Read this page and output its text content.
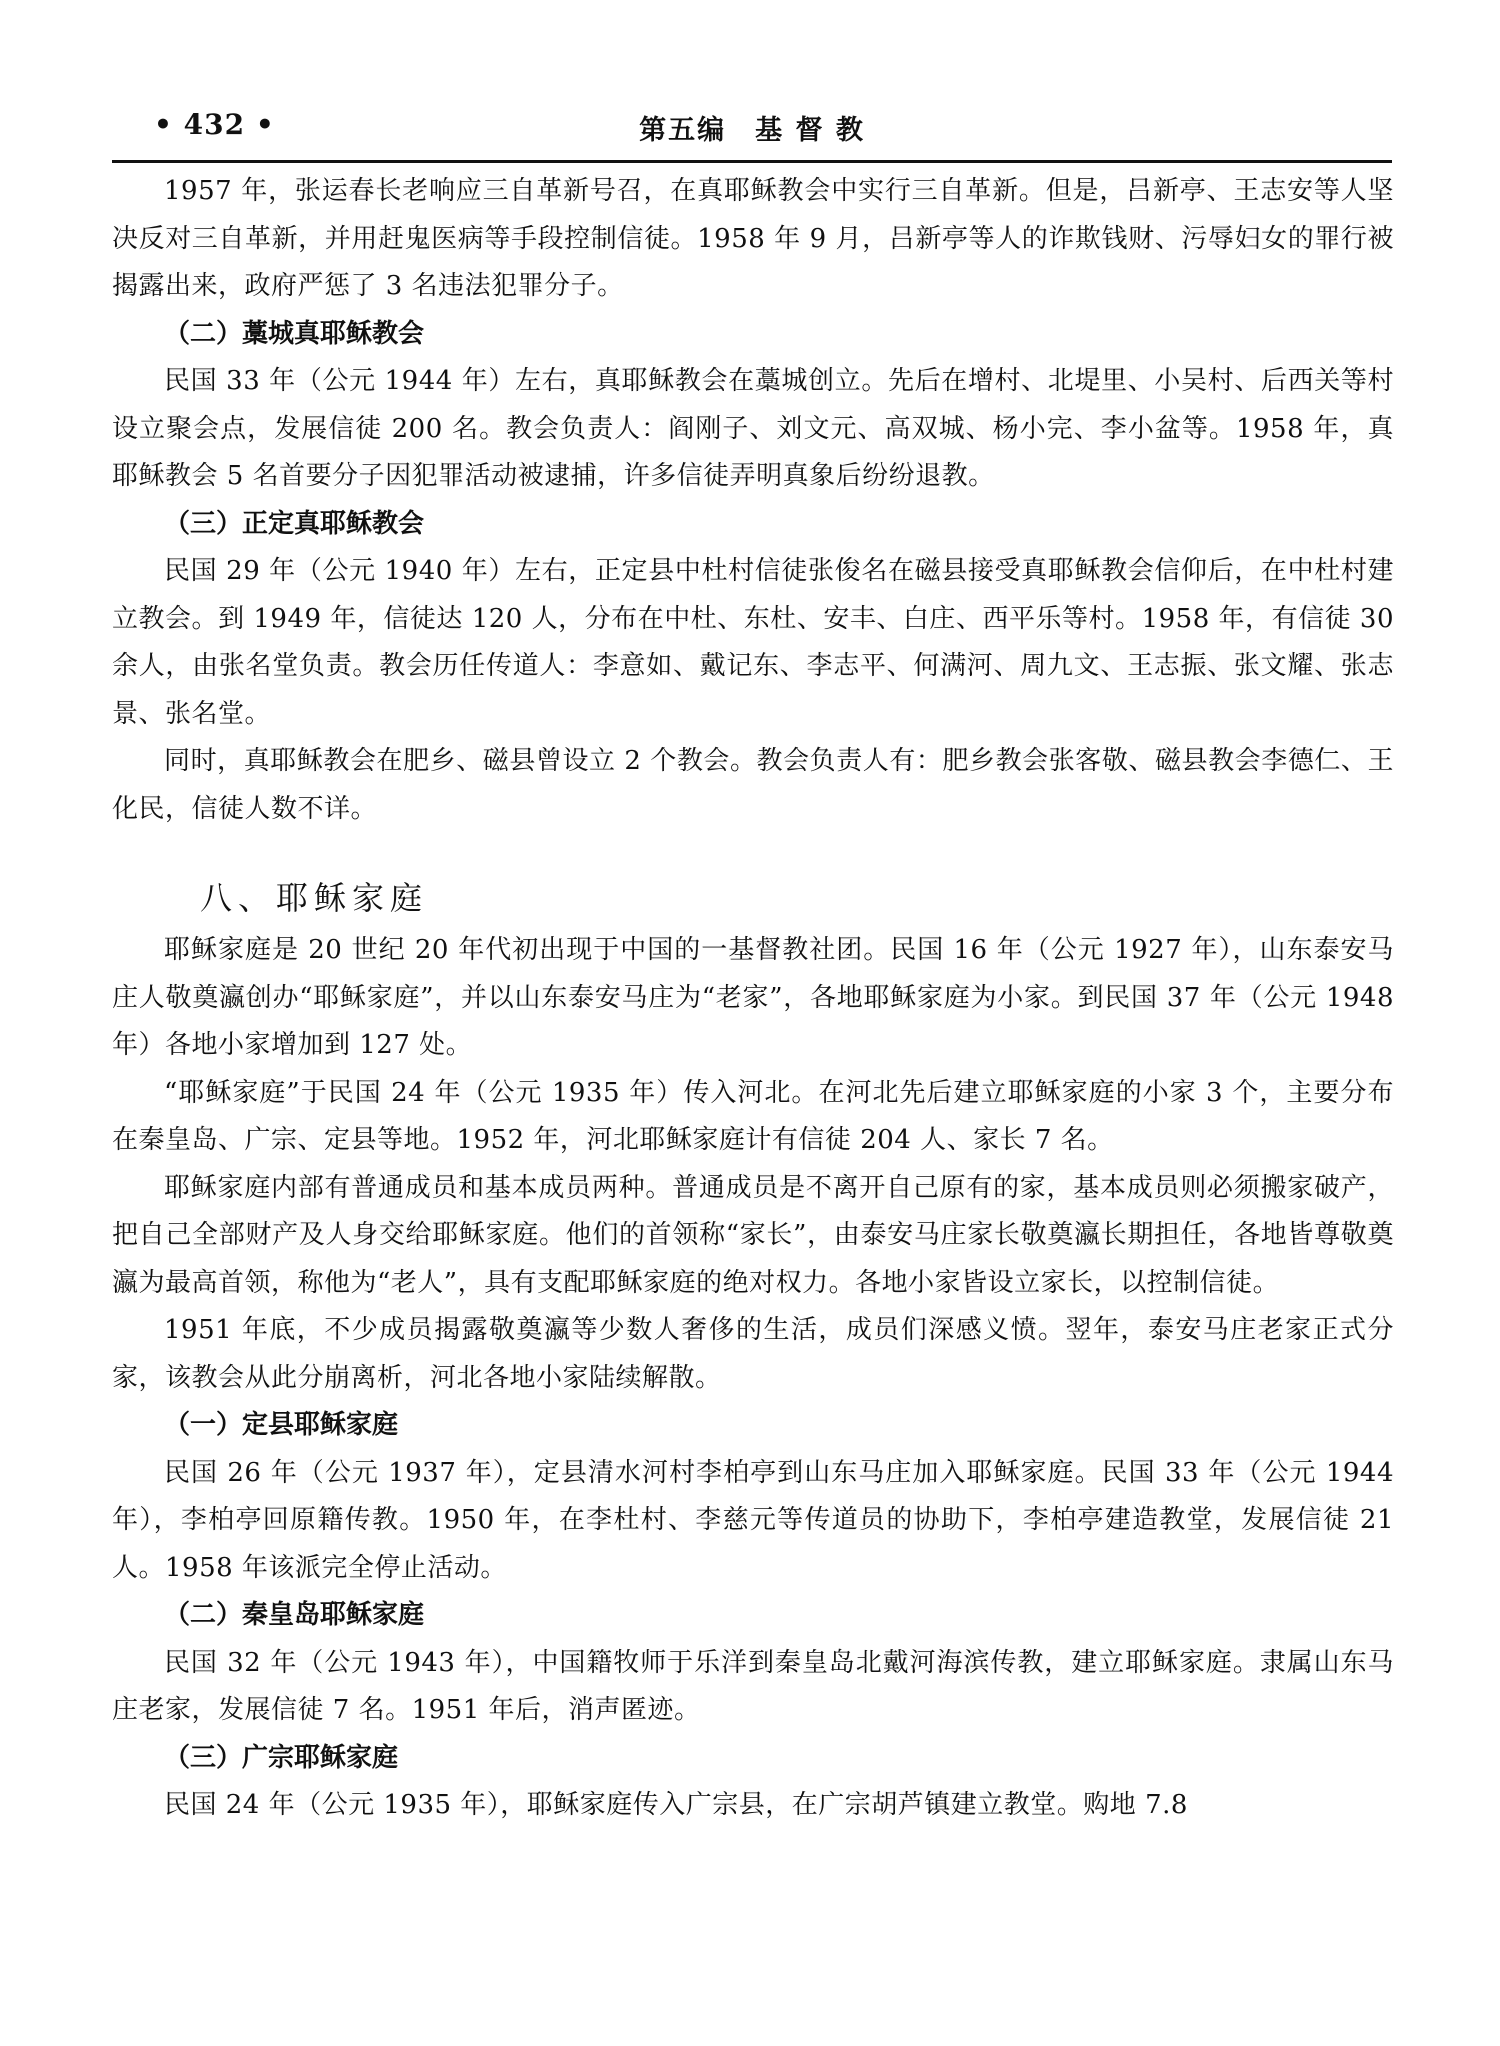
• 432 •	第五编　基 督 教

1957 年，张运春长老响应三自革新号召，在真耶稣教会中实行三自革新。但是，吕新亭、王志安等人坚决反对三自革新，并用赶鬼医病等手段控制信徒。1958 年 9 月，吕新亭等人的诈欺钱财、污辱妇女的罪行被揭露出来，政府严惩了 3 名违法犯罪分子。

（二）藁城真耶稣教会

民国 33 年（公元 1944 年）左右，真耶稣教会在藁城创立。先后在增村、北堤里、小吴村、后西关等村设立聚会点，发展信徒 200 名。教会负责人：阎刚子、刘文元、高双城、杨小完、李小盆等。1958 年，真耶稣教会 5 名首要分子因犯罪活动被逮捕，许多信徒弄明真象后纷纷退教。

（三）正定真耶稣教会

民国 29 年（公元 1940 年）左右，正定县中杜村信徒张俊名在磁县接受真耶稣教会信仰后，在中杜村建立教会。到 1949 年，信徒达 120 人，分布在中杜、东杜、安丰、白庄、西平乐等村。1958 年，有信徒 30 余人，由张名堂负责。教会历任传道人：李意如、戴记东、李志平、何满河、周九文、王志振、张文耀、张志景、张名堂。

同时，真耶稣教会在肥乡、磁县曾设立 2 个教会。教会负责人有：肥乡教会张客敬、磁县教会李德仁、王化民，信徒人数不详。

八、耶稣家庭

耶稣家庭是 20 世纪 20 年代初出现于中国的一基督教社团。民国 16 年（公元 1927 年），山东泰安马庄人敬奠瀛创办“耶稣家庭”，并以山东泰安马庄为“老家”，各地耶稣家庭为小家。到民国 37 年（公元 1948 年）各地小家增加到 127 处。

“耶稣家庭”于民国 24 年（公元 1935 年）传入河北。在河北先后建立耶稣家庭的小家 3 个，主要分布在秦皇岛、广宗、定县等地。1952 年，河北耶稣家庭计有信徒 204 人、家长 7 名。

耶稣家庭内部有普通成员和基本成员两种。普通成员是不离开自己原有的家，基本成员则必须搬家破产，把自己全部财产及人身交给耶稣家庭。他们的首领称“家长”，由泰安马庄家长敬奠瀛长期担任，各地皆尊敬奠瀛为最高首领，称他为“老人”，具有支配耶稣家庭的绝对权力。各地小家皆设立家长，以控制信徒。

1951 年底，不少成员揭露敬奠瀛等少数人奢侈的生活，成员们深感义愤。翌年，泰安马庄老家正式分家，该教会从此分崩离析，河北各地小家陆续解散。

（一）定县耶稣家庭

民国 26 年（公元 1937 年），定县清水河村李柏亭到山东马庄加入耶稣家庭。民国 33 年（公元 1944 年），李柏亭回原籍传教。1950 年，在李杜村、李慈元等传道员的协助下，李柏亭建造教堂，发展信徒 21 人。1958 年该派完全停止活动。

（二）秦皇岛耶稣家庭

民国 32 年（公元 1943 年），中国籍牧师于乐洋到秦皇岛北戴河海滨传教，建立耶稣家庭。隶属山东马庄老家，发展信徒 7 名。1951 年后，消声匿迹。

（三）广宗耶稣家庭

民国 24 年（公元 1935 年），耶稣家庭传入广宗县，在广宗胡芦镇建立教堂。购地 7.8
